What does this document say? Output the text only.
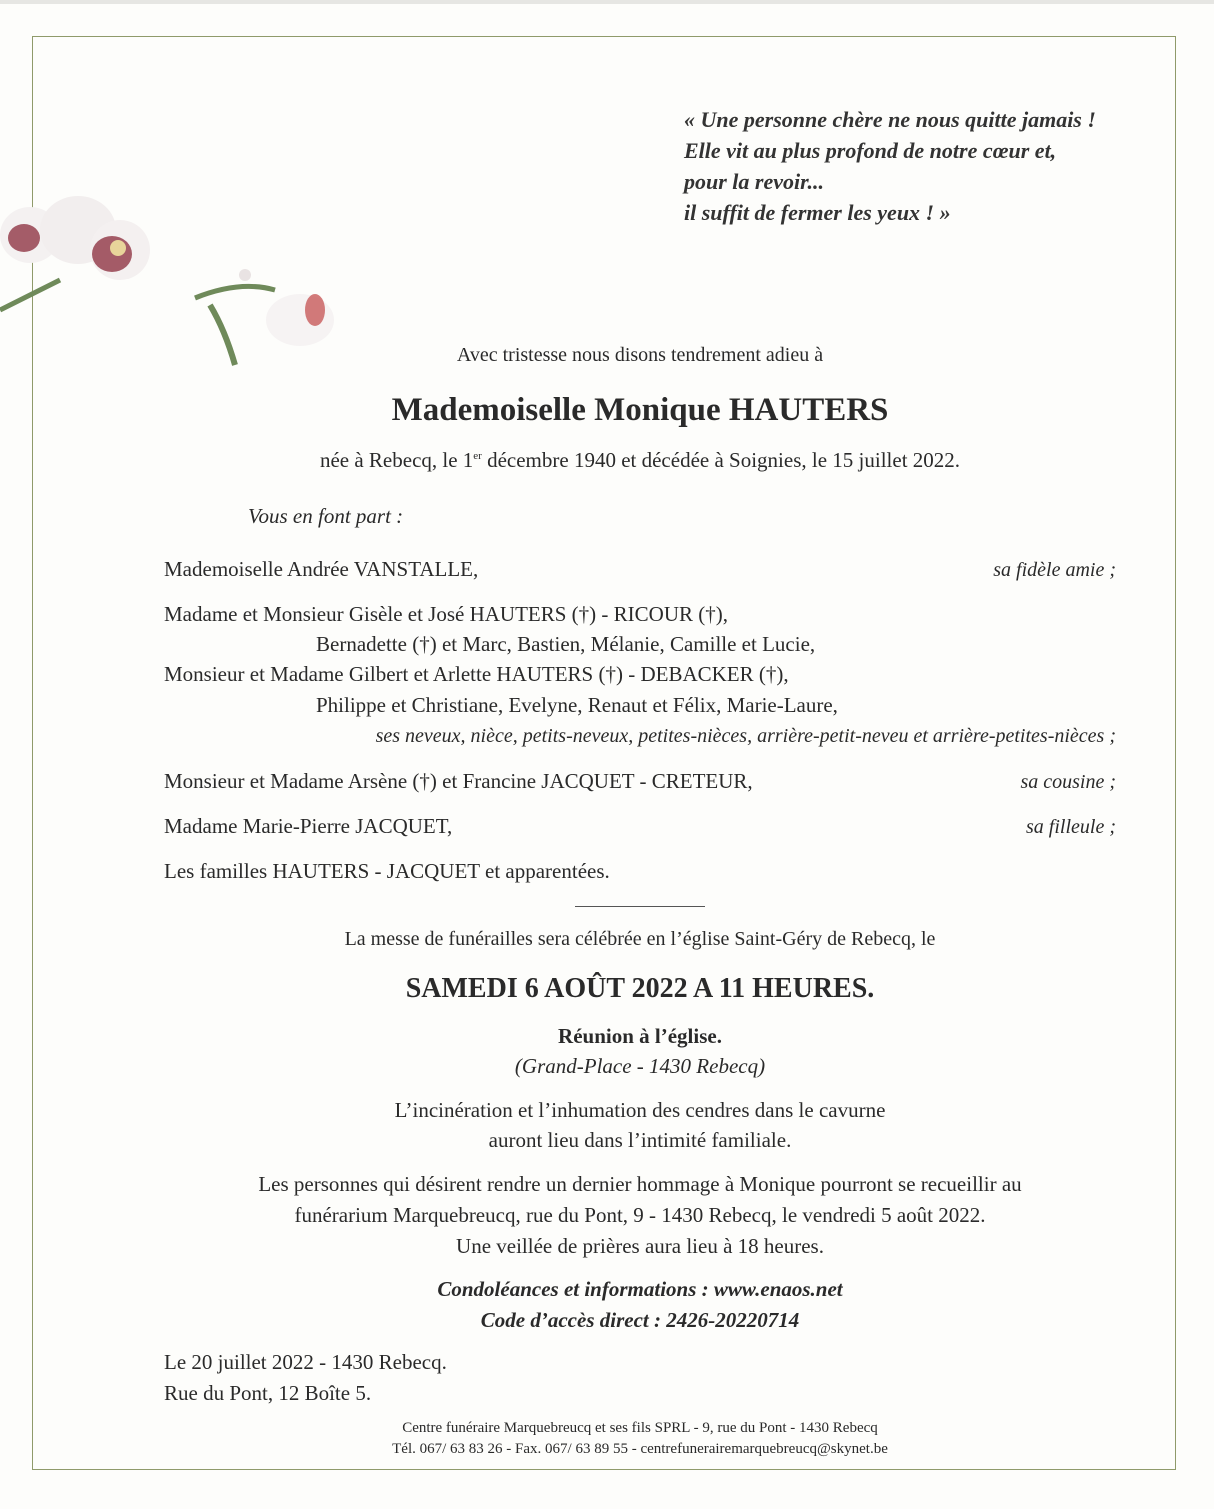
« Une personne chère ne nous quitte jamais !
Elle vit au plus profond de notre cœur et,
pour la revoir...
il suffit de fermer les yeux ! »
Avec tristesse nous disons tendrement adieu à
Mademoiselle Monique HAUTERS
née à Rebecq, le 1er décembre 1940 et décédée à Soignies, le 15 juillet 2022.
Vous en font part :
Mademoiselle Andrée VANSTALLE,	sa fidèle amie ;
Madame et Monsieur Gisèle et José HAUTERS (†) - RICOUR (†),
Bernadette (†) et Marc, Bastien, Mélanie, Camille et Lucie,
Monsieur et Madame Gilbert et Arlette HAUTERS (†) - DEBACKER (†),
Philippe et Christiane, Evelyne, Renaut et Félix, Marie-Laure,
ses neveux, nièce, petits-neveux, petites-nièces, arrière-petit-neveu et arrière-petites-nièces ;
Monsieur et Madame Arsène (†) et Francine JACQUET - CRETEUR,	sa cousine ;
Madame Marie-Pierre JACQUET,	sa filleule ;
Les familles HAUTERS - JACQUET et apparentées.
La messe de funérailles sera célébrée en l’église Saint-Géry de Rebecq, le
SAMEDI 6 AOÛT 2022 A 11 HEURES.
Réunion à l’église.
(Grand-Place - 1430 Rebecq)
L’incinération et l’inhumation des cendres dans le cavurne
auront lieu dans l’intimité familiale.
Les personnes qui désirent rendre un dernier hommage à Monique pourront se recueillir au
funérarium Marquebreucq, rue du Pont, 9 - 1430 Rebecq, le vendredi 5 août 2022.
Une veillée de prières aura lieu à 18 heures.
Condoléances et informations : www.enaos.net
Code d’accès direct : 2426-20220714
Le 20 juillet 2022 - 1430 Rebecq.
Rue du Pont, 12 Boîte 5.
Centre funéraire Marquebreucq et ses fils SPRL - 9, rue du Pont - 1430 Rebecq
Tél. 067/ 63 83 26 - Fax. 067/ 63 89 55 - centrefunerairemarquebreucq@skynet.be
